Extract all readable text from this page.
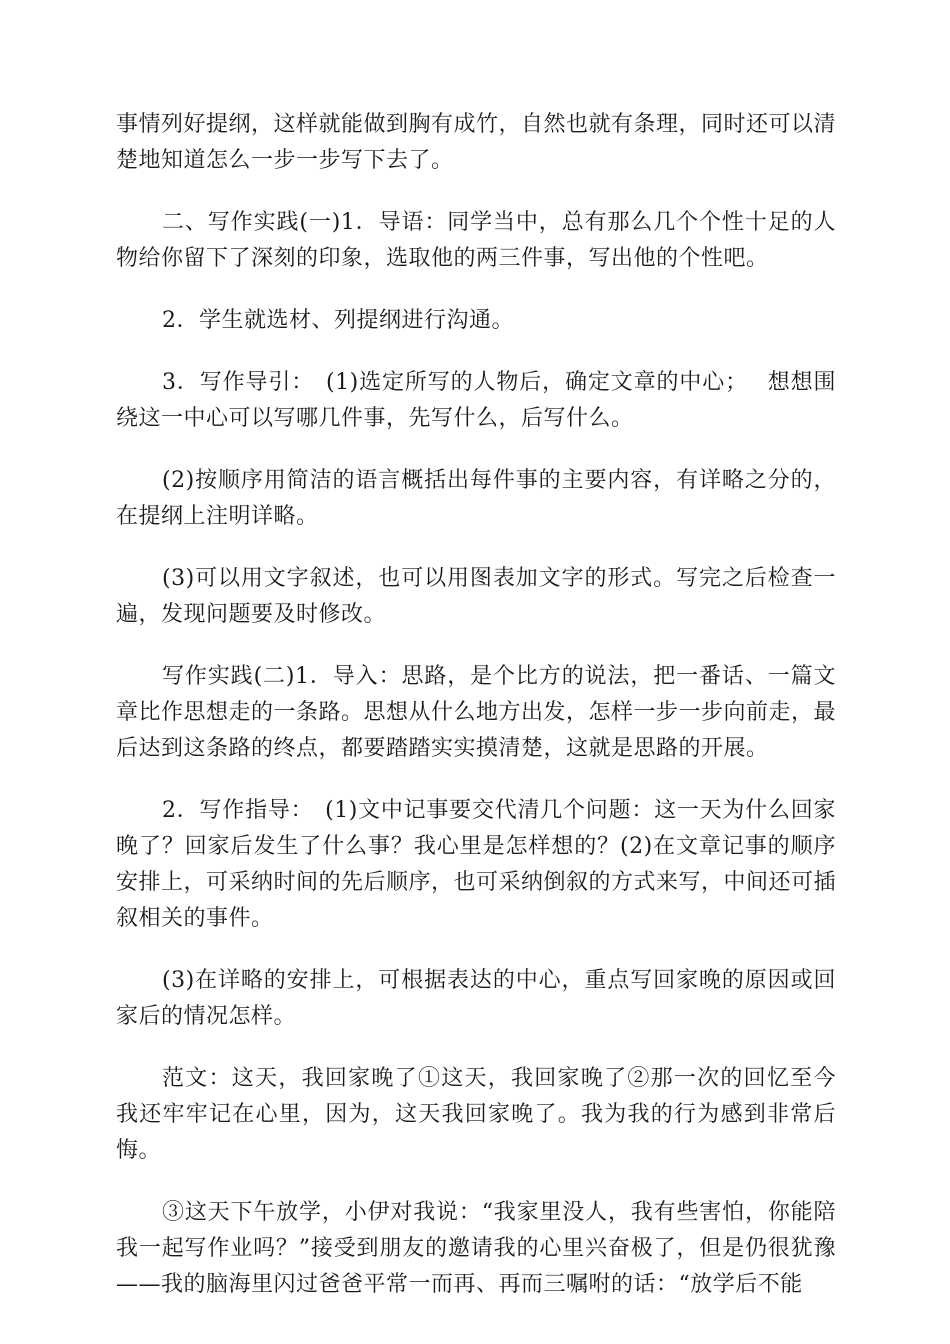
事情列好提纲，这样就能做到胸有成竹，自然也就有条理，同时还可以清楚地知道怎么一步一步写下去了。

二、写作实践(一)1．导语：同学当中，总有那么几个个性十足的人物给你留下了深刻的印象，选取他的两三件事，写出他的个性吧。

2．学生就选材、列提纲进行沟通。

3．写作导引：　(1)选定所写的人物后，确定文章的中心；　 想想围绕这一中心可以写哪几件事，先写什么，后写什么。

(2)按顺序用简洁的语言概括出每件事的主要内容，有详略之分的，在提纲上注明详略。

(3)可以用文字叙述，也可以用图表加文字的形式。写完之后检查一遍，发现问题要及时修改。

写作实践(二)1．导入：思路，是个比方的说法，把一番话、一篇文章比作思想走的一条路。思想从什么地方出发，怎样一步一步向前走，最后达到这条路的终点，都要踏踏实实摸清楚，这就是思路的开展。

2．写作指导：　(1)文中记事要交代清几个问题：这一天为什么回家晚了？回家后发生了什么事？我心里是怎样想的？(2)在文章记事的顺序安排上，可采纳时间的先后顺序，也可采纳倒叙的方式来写，中间还可插叙相关的事件。

(3)在详略的安排上，可根据表达的中心，重点写回家晚的原因或回家后的情况怎样。

范文：这天，我回家晚了①这天，我回家晚了②那一次的回忆至今我还牢牢记在心里，因为，这天我回家晚了。我为我的行为感到非常后悔。

③这天下午放学，小伊对我说：“我家里没人，我有些害怕，你能陪我一起写作业吗？”接受到朋友的邀请我的心里兴奋极了，但是仍很犹豫——我的脑海里闪过爸爸平常一而再、再而三嘱咐的话：“放学后不能
